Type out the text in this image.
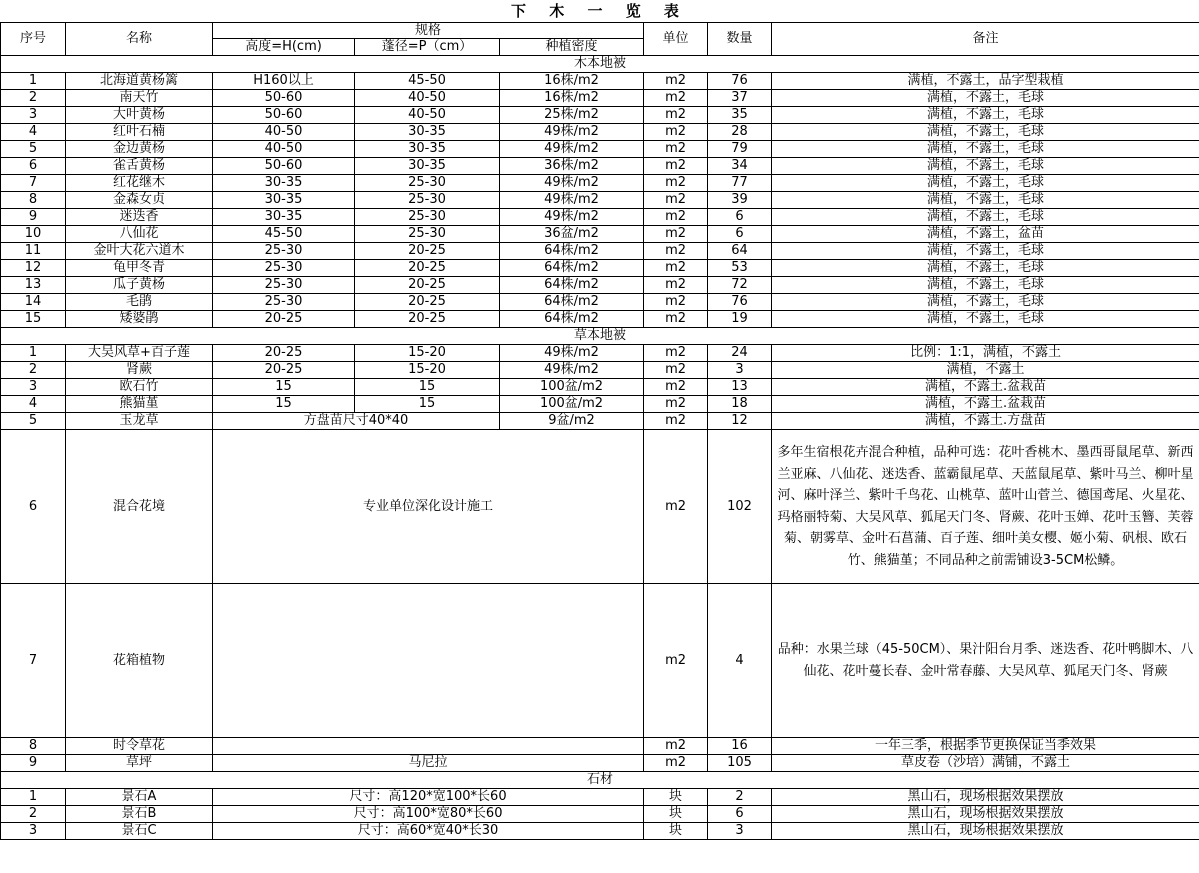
下 木 一 览 表
序号	名称	规格			单位	数量	备注
		高度=H(cm)	蓬径=P（cm）	种植密度			
木本地被							
1	北海道黄杨篱	H160以上	45-50	16株/m2	m2	76	满植，不露土，品字型栽植
2	南天竹	50-60	40-50	16株/m2	m2	37	满植，不露土，毛球
3	大叶黄杨	50-60	40-50	25株/m2	m2	35	满植，不露土，毛球
4	红叶石楠	40-50	30-35	49株/m2	m2	28	满植，不露土，毛球
5	金边黄杨	40-50	30-35	49株/m2	m2	79	满植，不露土，毛球
6	雀舌黄杨	50-60	30-35	36株/m2	m2	34	满植，不露土，毛球
7	红花继木	30-35	25-30	49株/m2	m2	77	满植，不露土，毛球
8	金森女贞	30-35	25-30	49株/m2	m2	39	满植，不露土，毛球
9	迷迭香	30-35	25-30	49株/m2	m2	6	满植，不露土，毛球
10	八仙花	45-50	25-30	36盆/m2	m2	6	满植，不露土，盆苗
11	金叶大花六道木	25-30	20-25	64株/m2	m2	64	满植，不露土，毛球
12	龟甲冬青	25-30	20-25	64株/m2	m2	53	满植，不露土，毛球
13	瓜子黄杨	25-30	20-25	64株/m2	m2	72	满植，不露土，毛球
14	毛鹃	25-30	20-25	64株/m2	m2	76	满植，不露土，毛球
15	矮婆鹃	20-25	20-25	64株/m2	m2	19	满植，不露土，毛球
草本地被							
1	大吴风草+百子莲	20-25	15-20	49株/m2	m2	24	比例：1:1，满植，不露土
2	肾蕨	20-25	15-20	49株/m2	m2	3	满植，不露土
3	欧石竹	15	15	100盆/m2	m2	13	满植，不露土.盆栽苗
4	熊猫堇	15	15	100盆/m2	m2	18	满植，不露土.盆栽苗
5	玉龙草	方盘苗尺寸40*40		9盆/m2	m2	12	满植，不露土.方盘苗
6	混合花境	专业单位深化设计施工			m2	102	多年生宿根花卉混合种植，品种可选：花叶香桃木、墨西哥鼠尾草、新西兰亚麻、八仙花、迷迭香、蓝霸鼠尾草、天蓝鼠尾草、紫叶马兰、柳叶星河、麻叶泽兰、紫叶千鸟花、山桃草、蓝叶山菅兰、德国鸢尾、火星花、玛格丽特菊、大吴风草、狐尾天门冬、肾蕨、花叶玉婵、花叶玉簪、芙蓉菊、朝雾草、金叶石菖蒲、百子莲、细叶美女樱、姬小菊、矾根、欧石竹、熊猫堇；不同品种之前需铺设3-5CM松鳞。
7	花箱植物				m2	4	品种：水果兰球（45-50CM）、果汁阳台月季、迷迭香、花叶鸭脚木、八仙花、花叶蔓长春、金叶常春藤、大吴风草、狐尾天门冬、肾蕨
8	时令草花				m2	16	一年三季，根据季节更换保证当季效果
9	草坪	马尼拉			m2	105	草皮卷（沙培）满铺，不露土
石材							
1	景石A	尺寸：高120*宽100*长60			块	2	黑山石，现场根据效果摆放
2	景石B	尺寸：高100*宽80*长60			块	6	黑山石，现场根据效果摆放
3	景石C	尺寸：高60*宽40*长30			块	3	黑山石，现场根据效果摆放
